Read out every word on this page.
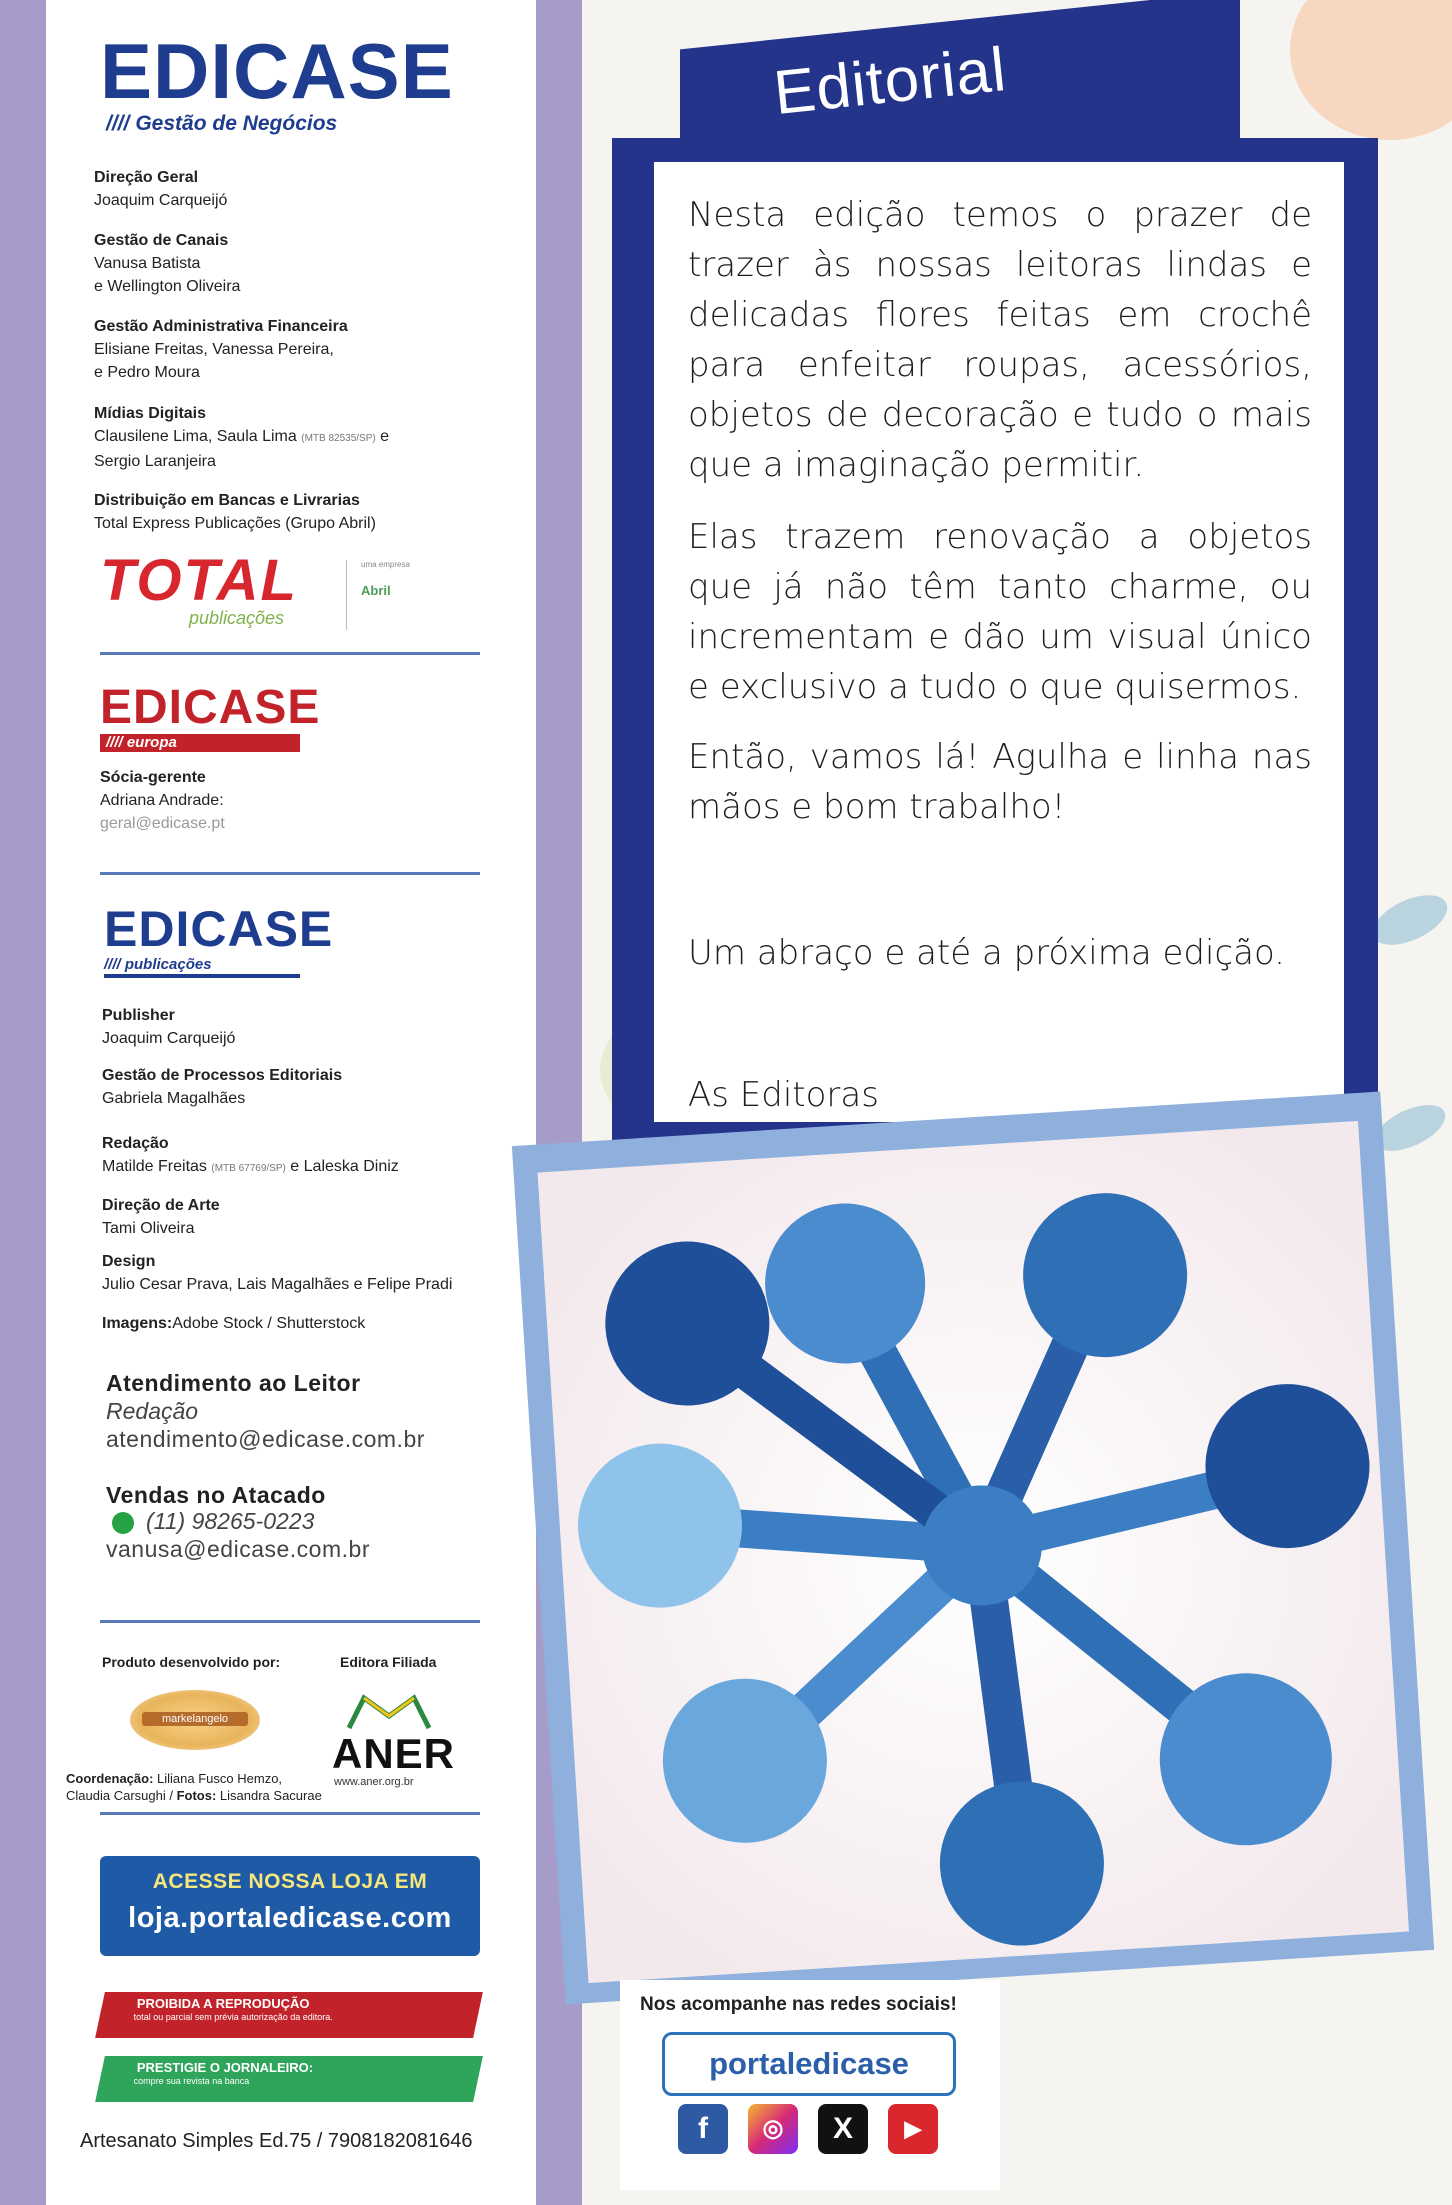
EDICASE
//// Gestão de Negócios
Direção Geral
Joaquim Carqueijó
Gestão de Canais
Vanusa Batista
e Wellington Oliveira
Gestão Administrativa Financeira
Elisiane Freitas, Vanessa Pereira,
e Pedro Moura
Mídias Digitais
Clausilene Lima, Saula Lima (MTB 82535/SP) e
Sergio Laranjeira
Distribuição em Bancas e Livrarias
Total Express Publicações (Grupo Abril)
TOTAL
publicações
uma empresa
Abril
EDICASE
//// europa
Sócia-gerente
Adriana Andrade:
geral@edicase.pt
EDICASE
//// publicações
Publisher
Joaquim Carqueijó
Gestão de Processos Editoriais
Gabriela Magalhães
Redação
Matilde Freitas (MTB 67769/SP) e Laleska Diniz
Direção de Arte
Tami Oliveira
Design
Julio Cesar Prava, Lais Magalhães e Felipe Pradi
Imagens:Adobe Stock / Shutterstock
Atendimento ao Leitor
Redação
atendimento@edicase.com.br
Vendas no Atacado
(11) 98265-0223
vanusa@edicase.com.br
Produto desenvolvido por:	Editora Filiada
markelangelo
ANER
www.aner.org.br
Coordenação: Liliana Fusco Hemzo,
Claudia Carsughi / Fotos: Lisandra Sacurae
ACESSE NOSSA LOJA EM
loja.portaledicase.com
PROIBIDA A REPRODUÇÃO
total ou parcial sem prévia autorização da editora.
PRESTIGIE O JORNALEIRO:
compre sua revista na banca
Artesanato Simples Ed.75 / 7908182081646
Editorial
Nesta edição temos o prazer de trazer às nossas leitoras lindas e delicadas flores feitas em crochê para enfeitar roupas, acessórios, objetos de decoração e tudo o mais que a imaginação permitir.
Elas trazem renovação a objetos que já não têm tanto charme, ou incrementam e dão um visual único e exclusivo a tudo o que quisermos.
Então, vamos lá! Agulha e linha nas mãos e bom trabalho!
Um abraço e até a próxima edição.
As Editoras
Nos acompanhe nas redes sociais!
portaledicase
f	◎	X	▶
